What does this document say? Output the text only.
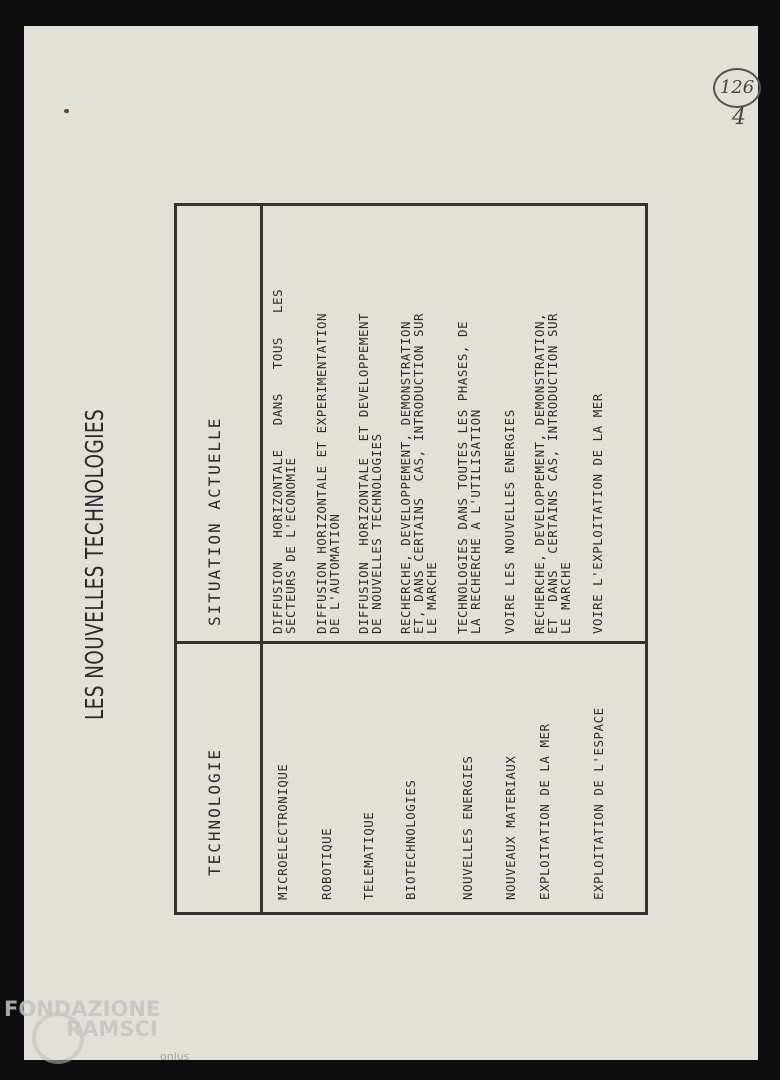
126
4
LES NOUVELLES TECHNOLOGIES
TECHNOLOGIE
SITUATION ACTUELLE
MICROELECTRONIQUE
DIFFUSION   HORIZONTALE   DANS   TOUS   LES
SECTEURS DE L'ECONOMIE
ROBOTIQUE
DIFFUSION HORIZONTALE ET EXPERIMENTATION
DE L'AUTOMATION
TELEMATIQUE
DIFFUSION  HORIZONTALE  ET DEVELOPPEMENT
DE NOUVELLES TECHNOLOGIES
BIOTECHNOLOGIES
RECHERCHE, DEVELOPPEMENT, DEMONSTRATION
ET, DANS CERTAINS  CAS, INTRODUCTION SUR
LE MARCHE
NOUVELLES ENERGIES
TECHNOLOGIES DANS TOUTES LES PHASES, DE
LA RECHERCHE A L'UTILISATION
NOUVEAUX MATERIAUX
VOIRE LES NOUVELLES ENERGIES
EXPLOITATION DE LA MER
RECHERCHE, DEVELOPPEMENT, DEMONSTRATION,
ET  DANS  CERTAINS CAS, INTRODUCTION SUR
LE MARCHE
EXPLOITATION DE L'ESPACE
VOIRE L'EXPLOITATION DE LA MER
FONDAZIONE
RAMSCI
onlus
